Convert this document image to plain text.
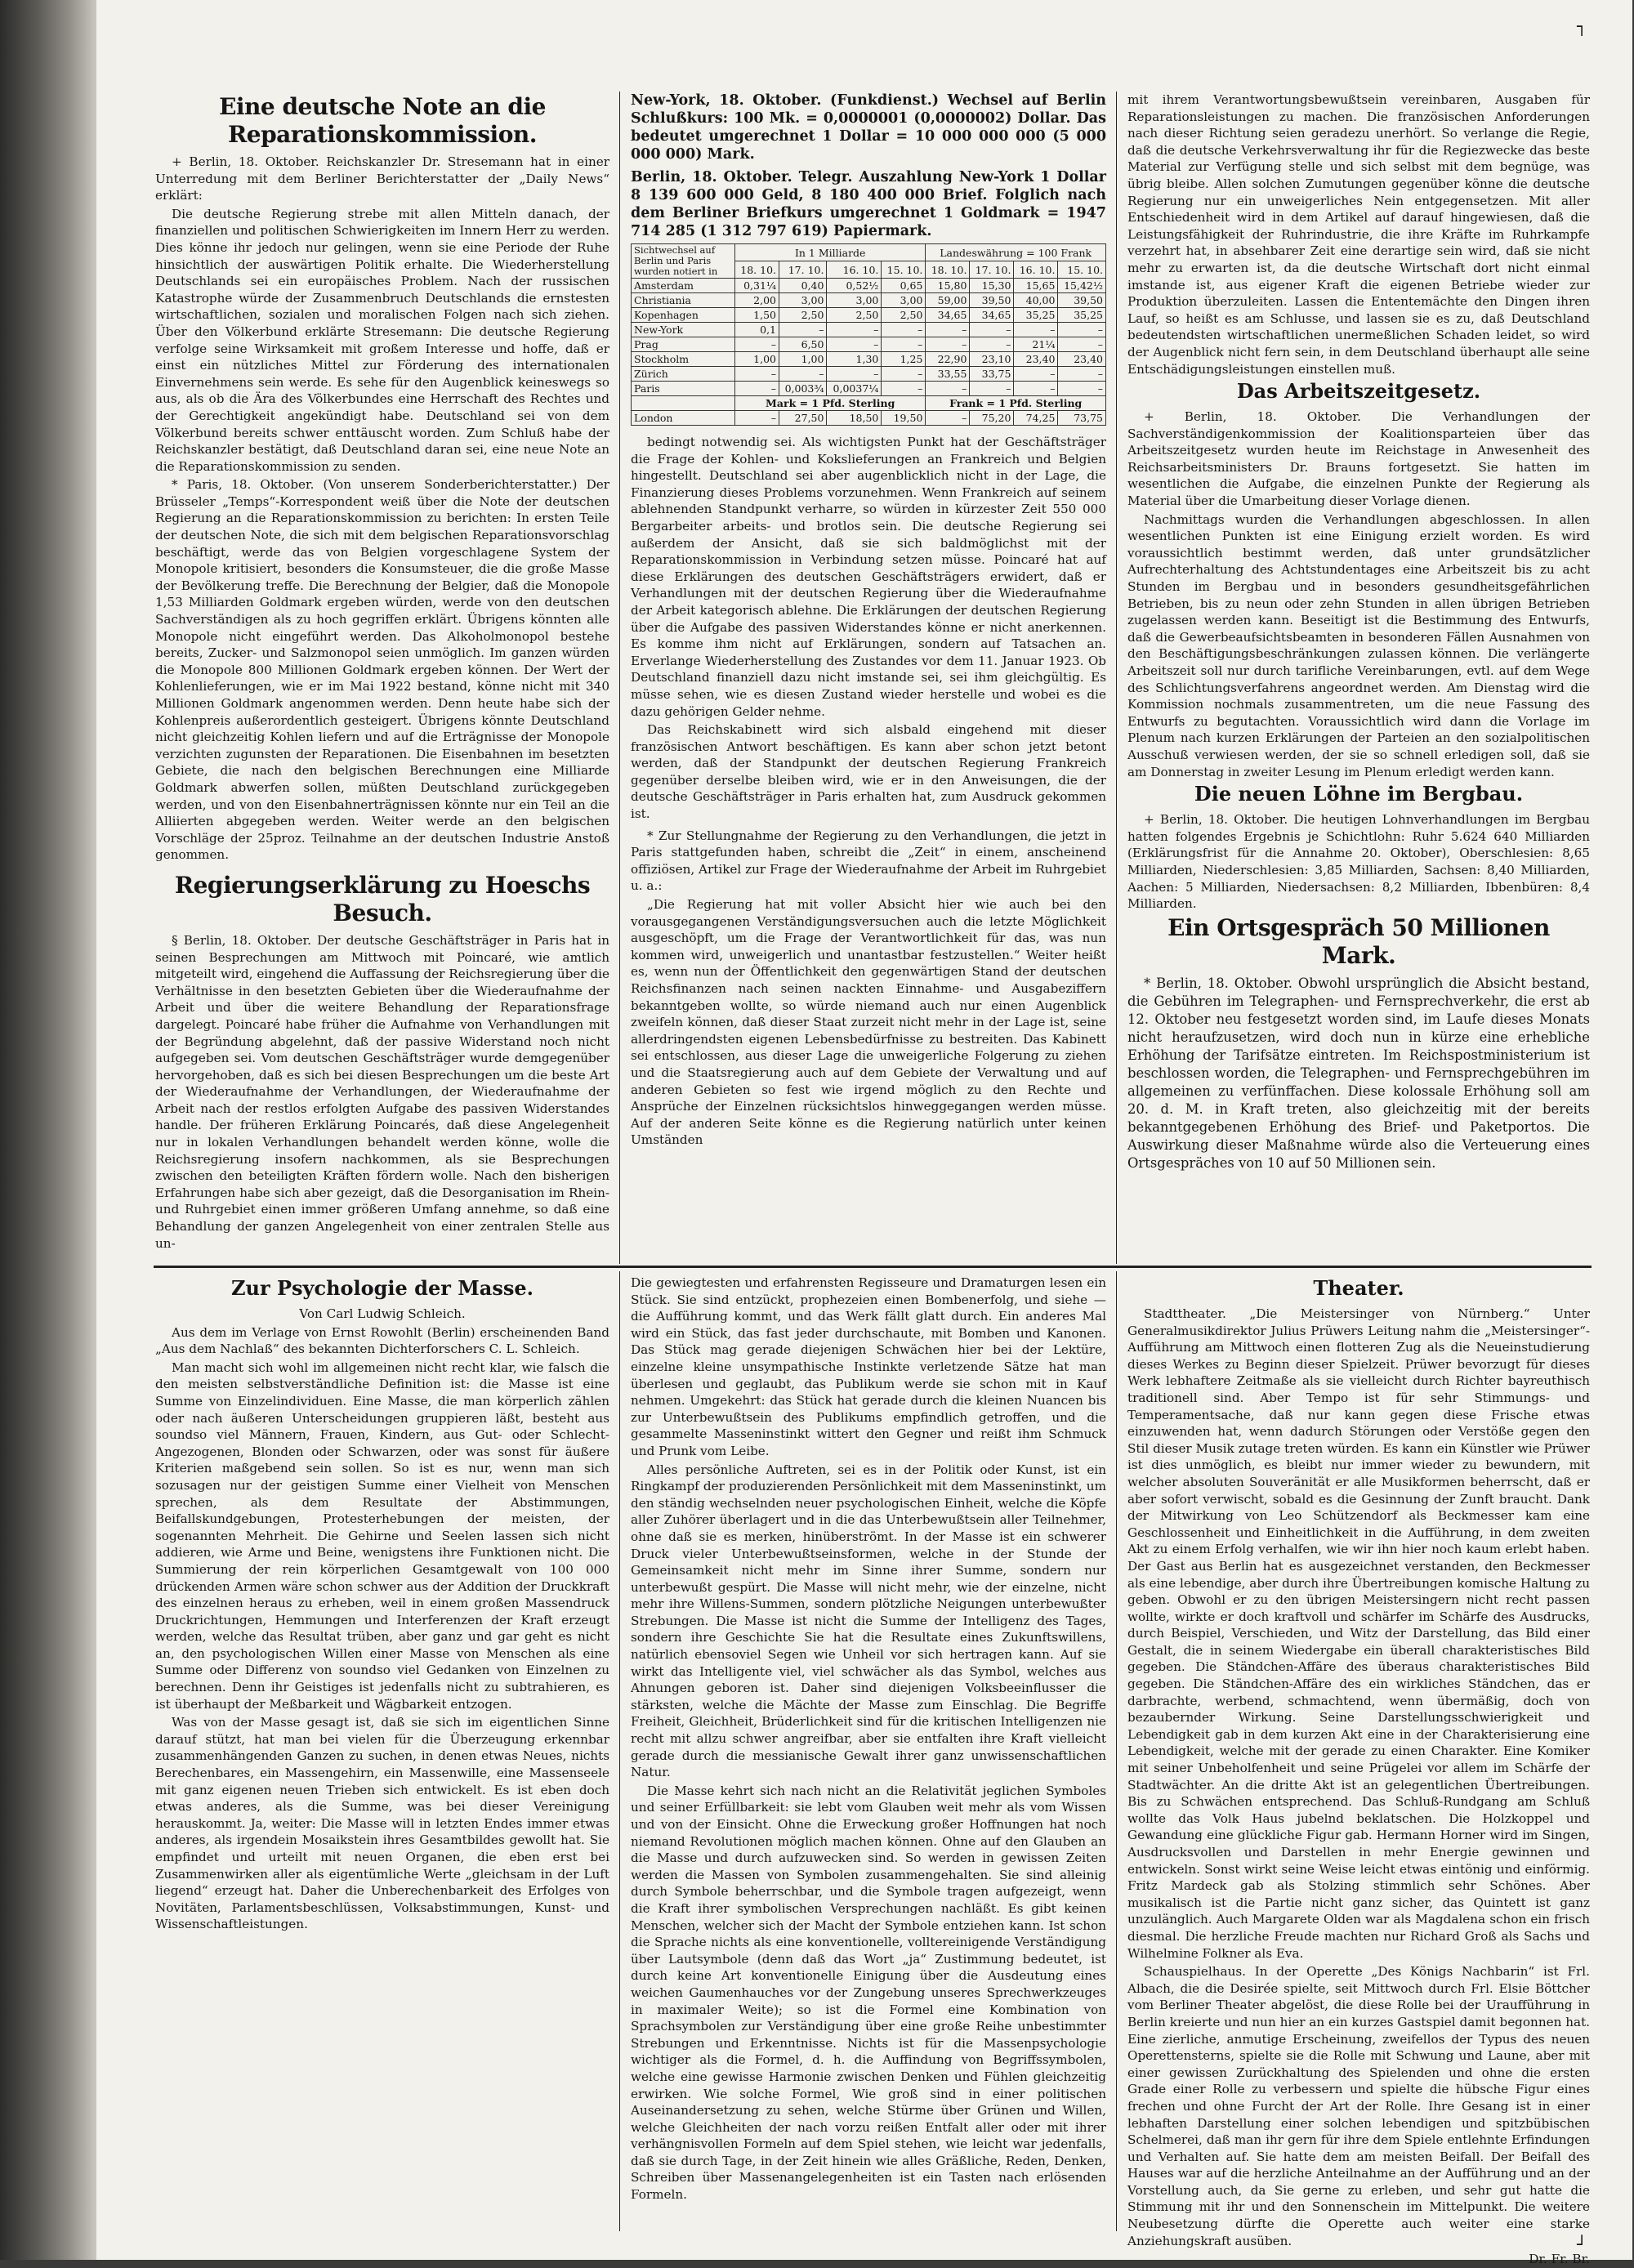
Eine deutsche Note an die Reparationskommission.

+ Berlin, 18. Oktober. Reichskanzler Dr. Stresemann hat in einer Unterredung mit dem Berliner Berichterstatter der „Daily News“ erklärt:

Die deutsche Regierung strebe mit allen Mitteln danach, der finanziellen und politischen Schwierigkeiten im Innern Herr zu werden. Dies könne ihr jedoch nur gelingen, wenn sie eine Periode der Ruhe hinsichtlich der auswärtigen Politik erhalte. Die Wiederherstellung Deutschlands sei ein europäisches Problem. Nach der russischen Katastrophe würde der Zusammenbruch Deutschlands die ernstesten wirtschaftlichen, sozialen und moralischen Folgen nach sich ziehen. Über den Völkerbund erklärte Stresemann: Die deutsche Regierung verfolge seine Wirksamkeit mit großem Interesse und hoffe, daß er einst ein nützliches Mittel zur Förderung des internationalen Einvernehmens sein werde. Es sehe für den Augenblick keineswegs so aus, als ob die Ära des Völkerbundes eine Herrschaft des Rechtes und der Gerechtigkeit angekündigt habe. Deutschland sei von dem Völkerbund bereits schwer enttäuscht worden. Zum Schluß habe der Reichskanzler bestätigt, daß Deutschland daran sei, eine neue Note an die Reparationskommission zu senden.

* Paris, 18. Oktober. (Von unserem Sonderberichterstatter.) Der Brüsseler „Temps“-Korrespondent weiß über die Note der deutschen Regierung an die Reparationskommission zu berichten: In ersten Teile der deutschen Note, die sich mit dem belgischen Reparationsvorschlag beschäftigt, werde das von Belgien vorgeschlagene System der Monopole kritisiert, besonders die Konsumsteuer, die die große Masse der Bevölkerung treffe. Die Berechnung der Belgier, daß die Monopole 1,53 Milliarden Goldmark ergeben würden, werde von den deutschen Sachverständigen als zu hoch gegriffen erklärt. Übrigens könnten alle Monopole nicht eingeführt werden. Das Alkoholmonopol bestehe bereits, Zucker- und Salzmonopol seien unmöglich. Im ganzen würden die Monopole 800 Millionen Goldmark ergeben können. Der Wert der Kohlenlieferungen, wie er im Mai 1922 bestand, könne nicht mit 340 Millionen Goldmark angenommen werden. Denn heute habe sich der Kohlenpreis außerordentlich gesteigert. Übrigens könnte Deutschland nicht gleichzeitig Kohlen liefern und auf die Erträgnisse der Monopole verzichten zugunsten der Reparationen. Die Eisenbahnen im besetzten Gebiete, die nach den belgischen Berechnungen eine Milliarde Goldmark abwerfen sollen, müßten Deutschland zurückgegeben werden, und von den Eisenbahnerträgnissen könnte nur ein Teil an die Alliierten abgegeben werden. Weiter werde an den belgischen Vorschläge der 25proz. Teilnahme an der deutschen Industrie Anstoß genommen.

Regierungserklärung zu Hoeschs Besuch.

§ Berlin, 18. Oktober. Der deutsche Geschäftsträger in Paris hat in seinen Besprechungen am Mittwoch mit Poincaré, wie amtlich mitgeteilt wird, eingehend die Auffassung der Reichsregierung über die Verhältnisse in den besetzten Gebieten über die Wiederaufnahme der Arbeit und über die weitere Behandlung der Reparationsfrage dargelegt. Poincaré habe früher die Aufnahme von Verhandlungen mit der Begründung abgelehnt, daß der passive Widerstand noch nicht aufgegeben sei. Vom deutschen Geschäftsträger wurde demgegenüber hervorgehoben, daß es sich bei diesen Besprechungen um die beste Art der Wiederaufnahme der Verhandlungen, der Wiederaufnahme der Arbeit nach der restlos erfolgten Aufgabe des passiven Widerstandes handle. Der früheren Erklärung Poincarés, daß diese Angelegenheit nur in lokalen Verhandlungen behandelt werden könne, wolle die Reichsregierung insofern nachkommen, als sie Besprechungen zwischen den beteiligten Kräften fördern wolle. Nach den bisherigen Erfahrungen habe sich aber gezeigt, daß die Desorganisation im Rhein- und Ruhrgebiet einen immer größeren Umfang annehme, so daß eine Behandlung der ganzen Angelegenheit von einer zentralen Stelle aus un-

New-York, 18. Oktober. (Funkdienst.) Wechsel auf Berlin Schlußkurs: 100 Mk. = 0,0000001 (0,0000002) Dollar. Das bedeutet umgerechnet 1 Dollar = 10 000 000 000 (5 000 000 000) Mark.

Berlin, 18. Oktober. Telegr. Auszahlung New-York 1 Dollar 8 139 600 000 Geld, 8 180 400 000 Brief. Folglich nach dem Berliner Briefkurs umgerechnet 1 Goldmark = 1947 714 285 (1 312 797 619) Papiermark.

Sichtwechsel auf Berlin und Paris wurden notiert in	In 1 Milliarde				Landeswährung = 100 Frank			
	18. 10.	17. 10.	16. 10.	15. 10.	18. 10.	17. 10.	16. 10.	15. 10.
Amsterdam	0,31¼	0,40	0,52½	0,65	15,80	15,30	15,65	15,42½
Christiania	2,00	3,00	3,00	3,00	59,00	39,50	40,00	39,50
Kopenhagen	1,50	2,50	2,50	2,50	34,65	34,65	35,25	35,25
New-York	0,1	–	–	–	–	–	–	–
Prag	–	6,50	–	–	–	–	21¼	–
Stockholm	1,00	1,00	1,30	1,25	22,90	23,10	23,40	23,40
Zürich	–	–	–	–	33,55	33,75	–	–
Paris	–	0,003¾	0,0037¼	–	–	–	–	–
	Mark = 1 Pfd. Sterling				Frank = 1 Pfd. Sterling			
London	–	27,50	18,50	19,50	–	75,20	74,25	73,75

bedingt notwendig sei. Als wichtigsten Punkt hat der Geschäftsträger die Frage der Kohlen- und Kokslieferungen an Frankreich und Belgien hingestellt. Deutschland sei aber augenblicklich nicht in der Lage, die Finanzierung dieses Problems vorzunehmen. Wenn Frankreich auf seinem ablehnenden Standpunkt verharre, so würden in kürzester Zeit 550 000 Bergarbeiter arbeits- und brotlos sein. Die deutsche Regierung sei außerdem der Ansicht, daß sie sich baldmöglichst mit der Reparationskommission in Verbindung setzen müsse. Poincaré hat auf diese Erklärungen des deutschen Geschäftsträgers erwidert, daß er Verhandlungen mit der deutschen Regierung über die Wiederaufnahme der Arbeit kategorisch ablehne. Die Erklärungen der deutschen Regierung über die Aufgabe des passiven Widerstandes könne er nicht anerkennen. Es komme ihm nicht auf Erklärungen, sondern auf Tatsachen an. Erverlange Wiederherstellung des Zustandes vor dem 11. Januar 1923. Ob Deutschland finanziell dazu nicht imstande sei, sei ihm gleichgültig. Es müsse sehen, wie es diesen Zustand wieder herstelle und wobei es die dazu gehörigen Gelder nehme.

Das Reichskabinett wird sich alsbald eingehend mit dieser französischen Antwort beschäftigen. Es kann aber schon jetzt betont werden, daß der Standpunkt der deutschen Regierung Frankreich gegenüber derselbe bleiben wird, wie er in den Anweisungen, die der deutsche Geschäftsträger in Paris erhalten hat, zum Ausdruck gekommen ist.

* Zur Stellungnahme der Regierung zu den Verhandlungen, die jetzt in Paris stattgefunden haben, schreibt die „Zeit“ in einem, anscheinend offiziösen, Artikel zur Frage der Wiederaufnahme der Arbeit im Ruhrgebiet u. a.:

„Die Regierung hat mit voller Absicht hier wie auch bei den vorausgegangenen Verständigungsversuchen auch die letzte Möglichkeit ausgeschöpft, um die Frage der Verantwortlichkeit für das, was nun kommen wird, unweigerlich und unantastbar festzustellen.“ Weiter heißt es, wenn nun der Öffentlichkeit den gegenwärtigen Stand der deutschen Reichsfinanzen nach seinen nackten Einnahme- und Ausgabeziffern bekanntgeben wollte, so würde niemand auch nur einen Augenblick zweifeln können, daß dieser Staat zurzeit nicht mehr in der Lage ist, seine allerdringendsten eigenen Lebensbedürfnisse zu bestreiten. Das Kabinett sei entschlossen, aus dieser Lage die unweigerliche Folgerung zu ziehen und die Staatsregierung auch auf dem Gebiete der Verwaltung und auf anderen Gebieten so fest wie irgend möglich zu den Rechte und Ansprüche der Einzelnen rücksichtslos hinweggegangen werden müsse. Auf der anderen Seite könne es die Regierung natürlich unter keinen Umständen

mit ihrem Verantwortungsbewußtsein vereinbaren, Ausgaben für Reparationsleistungen zu machen. Die französischen Anforderungen nach dieser Richtung seien geradezu unerhört. So verlange die Regie, daß die deutsche Verkehrsverwaltung ihr für die Regiezwecke das beste Material zur Verfügung stelle und sich selbst mit dem begnüge, was übrig bleibe. Allen solchen Zumutungen gegenüber könne die deutsche Regierung nur ein unweigerliches Nein entgegensetzen. Mit aller Entschiedenheit wird in dem Artikel auf darauf hingewiesen, daß die Leistungsfähigkeit der Ruhrindustrie, die ihre Kräfte im Ruhrkampfe verzehrt hat, in absehbarer Zeit eine derartige sein wird, daß sie nicht mehr zu erwarten ist, da die deutsche Wirtschaft dort nicht einmal imstande ist, aus eigener Kraft die eigenen Betriebe wieder zur Produktion überzuleiten. Lassen die Ententemächte den Dingen ihren Lauf, so heißt es am Schlusse, und lassen sie es zu, daß Deutschland bedeutendsten wirtschaftlichen unermeßlichen Schaden leidet, so wird der Augenblick nicht fern sein, in dem Deutschland überhaupt alle seine Entschädigungsleistungen einstellen muß.

Das Arbeitszeitgesetz.

+ Berlin, 18. Oktober. Die Verhandlungen der Sachverständigenkommission der Koalitionsparteien über das Arbeitszeitgesetz wurden heute im Reichstage in Anwesenheit des Reichsarbeitsministers Dr. Brauns fortgesetzt. Sie hatten im wesentlichen die Aufgabe, die einzelnen Punkte der Regierung als Material über die Umarbeitung dieser Vorlage dienen.

Nachmittags wurden die Verhandlungen abgeschlossen. In allen wesentlichen Punkten ist eine Einigung erzielt worden. Es wird voraussichtlich bestimmt werden, daß unter grundsätzlicher Aufrechterhaltung des Achtstundentages eine Arbeitszeit bis zu acht Stunden im Bergbau und in besonders gesundheitsgefährlichen Betrieben, bis zu neun oder zehn Stunden in allen übrigen Betrieben zugelassen werden kann. Beseitigt ist die Bestimmung des Entwurfs, daß die Gewerbeaufsichtsbeamten in besonderen Fällen Ausnahmen von den Beschäftigungsbeschränkungen zulassen können. Die verlängerte Arbeitszeit soll nur durch tarifliche Vereinbarungen, evtl. auf dem Wege des Schlichtungsverfahrens angeordnet werden. Am Dienstag wird die Kommission nochmals zusammentreten, um die neue Fassung des Entwurfs zu begutachten. Voraussichtlich wird dann die Vorlage im Plenum nach kurzen Erklärungen der Parteien an den sozialpolitischen Ausschuß verwiesen werden, der sie so schnell erledigen soll, daß sie am Donnerstag in zweiter Lesung im Plenum erledigt werden kann.

Die neuen Löhne im Bergbau.

+ Berlin, 18. Oktober. Die heutigen Lohnverhandlungen im Bergbau hatten folgendes Ergebnis je Schichtlohn: Ruhr 5.624 640 Milliarden (Erklärungsfrist für die Annahme 20. Oktober), Oberschlesien: 8,65 Milliarden, Niederschlesien: 3,85 Milliarden, Sachsen: 8,40 Milliarden, Aachen: 5 Milliarden, Niedersachsen: 8,2 Milliarden, Ibbenbüren: 8,4 Milliarden.

Ein Ortsgespräch 50 Millionen Mark.

* Berlin, 18. Oktober. Obwohl ursprünglich die Absicht bestand, die Gebühren im Telegraphen- und Fernsprechverkehr, die erst ab 12. Oktober neu festgesetzt worden sind, im Laufe dieses Monats nicht heraufzusetzen, wird doch nun in kürze eine erhebliche Erhöhung der Tarifsätze eintreten. Im Reichspostministerium ist beschlossen worden, die Telegraphen- und Fernsprechgebühren im allgemeinen zu verfünffachen. Diese kolossale Erhöhung soll am 20. d. M. in Kraft treten, also gleichzeitig mit der bereits bekanntgegebenen Erhöhung des Brief- und Paketportos. Die Auswirkung dieser Maßnahme würde also die Verteuerung eines Ortsgespräches von 10 auf 50 Millionen sein.

Zur Psychologie der Masse.

Von Carl Ludwig Schleich.

Aus dem im Verlage von Ernst Rowohlt (Berlin) erscheinenden Band „Aus dem Nachlaß“ des bekannten Dichterforschers C. L. Schleich.

Man macht sich wohl im allgemeinen nicht recht klar, wie falsch die den meisten selbstverständliche Definition ist: die Masse ist eine Summe von Einzelindividuen. Eine Masse, die man körperlich zählen oder nach äußeren Unterscheidungen gruppieren läßt, besteht aus soundso viel Männern, Frauen, Kindern, aus Gut- oder Schlecht-Angezogenen, Blonden oder Schwarzen, oder was sonst für äußere Kriterien maßgebend sein sollen. So ist es nur, wenn man sich sozusagen nur der geistigen Summe einer Vielheit von Menschen sprechen, als dem Resultate der Abstimmungen, Beifallskundgebungen, Protesterhebungen der meisten, der sogenannten Mehrheit. Die Gehirne und Seelen lassen sich nicht addieren, wie Arme und Beine, wenigstens ihre Funktionen nicht. Die Summierung der rein körperlichen Gesamtgewalt von 100 000 drückenden Armen wäre schon schwer aus der Addition der Druckkraft des einzelnen heraus zu erheben, weil in einem großen Massendruck Druckrichtungen, Hemmungen und Interferenzen der Kraft erzeugt werden, welche das Resultat trüben, aber ganz und gar geht es nicht an, den psychologischen Willen einer Masse von Menschen als eine Summe oder Differenz von soundso viel Gedanken von Einzelnen zu berechnen. Denn ihr Geistiges ist jedenfalls nicht zu subtrahieren, es ist überhaupt der Meßbarkeit und Wägbarkeit entzogen.

Was von der Masse gesagt ist, daß sie sich im eigentlichen Sinne darauf stützt, hat man bei vielen für die Überzeugung erkennbar zusammenhängenden Ganzen zu suchen, in denen etwas Neues, nichts Berechenbares, ein Massengehirn, ein Massenwille, eine Massenseele mit ganz eigenen neuen Trieben sich entwickelt. Es ist eben doch etwas anderes, als die Summe, was bei dieser Vereinigung herauskommt. Ja, weiter: Die Masse will in letzten Endes immer etwas anderes, als irgendein Mosaikstein ihres Gesamtbildes gewollt hat. Sie empfindet und urteilt mit neuen Organen, die eben erst bei Zusammenwirken aller als eigentümliche Werte „gleichsam in der Luft liegend“ erzeugt hat. Daher die Unberechenbarkeit des Erfolges von Novitäten, Parlamentsbeschlüssen, Volksabstimmungen, Kunst- und Wissenschaftleistungen.

Die gewiegtesten und erfahrensten Regisseure und Dramaturgen lesen ein Stück. Sie sind entzückt, prophezeien einen Bombenerfolg, und siehe — die Aufführung kommt, und das Werk fällt glatt durch. Ein anderes Mal wird ein Stück, das fast jeder durchschaute, mit Bomben und Kanonen. Das Stück mag gerade diejenigen Schwächen hier bei der Lektüre, einzelne kleine unsympathische Instinkte verletzende Sätze hat man überlesen und geglaubt, das Publikum werde sie schon mit in Kauf nehmen. Umgekehrt: das Stück hat gerade durch die kleinen Nuancen bis zur Unterbewußtsein des Publikums empfindlich getroffen, und die gesammelte Masseninstinkt wittert den Gegner und reißt ihm Schmuck und Prunk vom Leibe.

Alles persönliche Auftreten, sei es in der Politik oder Kunst, ist ein Ringkampf der produzierenden Persönlichkeit mit dem Masseninstinkt, um den ständig wechselnden neuer psychologischen Einheit, welche die Köpfe aller Zuhörer überlagert und in die das Unterbewußtsein aller Teilnehmer, ohne daß sie es merken, hinüberströmt. In der Masse ist ein schwerer Druck vieler Unterbewußtseinsformen, welche in der Stunde der Gemeinsamkeit nicht mehr im Sinne ihrer Summe, sondern nur unterbewußt gespürt. Die Masse will nicht mehr, wie der einzelne, nicht mehr ihre Willens-Summen, sondern plötzliche Neigungen unterbewußter Strebungen. Die Masse ist nicht die Summe der Intelligenz des Tages, sondern ihre Geschichte Sie hat die Resultate eines Zukunftswillens, natürlich ebensoviel Segen wie Unheil vor sich hertragen kann. Auf sie wirkt das Intelligente viel, viel schwächer als das Symbol, welches aus Ahnungen geboren ist. Daher sind diejenigen Volksbeeinflusser die stärksten, welche die Mächte der Masse zum Einschlag. Die Begriffe Freiheit, Gleichheit, Brüderlichkeit sind für die kritischen Intelligenzen nie recht mit allzu schwer angreifbar, aber sie entfalten ihre Kraft vielleicht gerade durch die messianische Gewalt ihrer ganz unwissenschaftlichen Natur.

Die Masse kehrt sich nach nicht an die Relativität jeglichen Symboles und seiner Erfüllbarkeit: sie lebt vom Glauben weit mehr als vom Wissen und von der Einsicht. Ohne die Erweckung großer Hoffnungen hat noch niemand Revolutionen möglich machen können. Ohne auf den Glauben an die Masse und durch aufzuwecken sind. So werden in gewissen Zeiten werden die Massen von Symbolen zusammengehalten. Sie sind alleinig durch Symbole beherrschbar, und die Symbole tragen aufgezeigt, wenn die Kraft ihrer symbolischen Versprechungen nachläßt. Es gibt keinen Menschen, welcher sich der Macht der Symbole entziehen kann. Ist schon die Sprache nichts als eine konventionelle, volltereinigende Verständigung über Lautsymbole (denn daß das Wort „ja“ Zustimmung bedeutet, ist durch keine Art konventionelle Einigung über die Ausdeutung eines weichen Gaumenhauches vor der Zungebung unseres Sprechwerkzeuges in maximaler Weite); so ist die Formel eine Kombination von Sprachsymbolen zur Verständigung über eine große Reihe unbestimmter Strebungen und Erkenntnisse. Nichts ist für die Massenpsychologie wichtiger als die Formel, d. h. die Auffindung von Begriffssymbolen, welche eine gewisse Harmonie zwischen Denken und Fühlen gleichzeitig erwirken. Wie solche Formel, Wie groß sind in einer politischen Auseinandersetzung zu sehen, welche Stürme über Grünen und Willen, welche Gleichheiten der nach vorzu reißen Entfalt aller oder mit ihrer verhängnisvollen Formeln auf dem Spiel stehen, wie leicht war jedenfalls, daß sie durch Tage, in der Zeit hinein wie alles Gräßliche, Reden, Denken, Schreiben über Massenangelegenheiten ist ein Tasten nach erlösenden Formeln.

Theater.

Stadttheater. „Die Meistersinger von Nürnberg.“ Unter Generalmusikdirektor Julius Prüwers Leitung nahm die „Meistersinger“-Aufführung am Mittwoch einen flotteren Zug als die Neueinstudierung dieses Werkes zu Beginn dieser Spielzeit. Prüwer bevorzugt für dieses Werk lebhaftere Zeitmaße als sie vielleicht durch Richter bayreuthisch traditionell sind. Aber Tempo ist für sehr Stimmungs- und Temperamentsache, daß nur kann gegen diese Frische etwas einzuwenden hat, wenn dadurch Störungen oder Verstöße gegen den Stil dieser Musik zutage treten würden. Es kann ein Künstler wie Prüwer ist dies unmöglich, es bleibt nur immer wieder zu bewundern, mit welcher absoluten Souveränität er alle Musikformen beherrscht, daß er aber sofort verwischt, sobald es die Gesinnung der Zunft braucht. Dank der Mitwirkung von Leo Schützendorf als Beckmesser kam eine Geschlossenheit und Einheitlichkeit in die Aufführung, in dem zweiten Akt zu einem Erfolg verhalfen, wie wir ihn hier noch kaum erlebt haben. Der Gast aus Berlin hat es ausgezeichnet verstanden, den Beckmesser als eine lebendige, aber durch ihre Übertreibungen komische Haltung zu geben. Obwohl er zu den übrigen Meistersingern nicht recht passen wollte, wirkte er doch kraftvoll und schärfer im Schärfe des Ausdrucks, durch Beispiel, Verschieden, und Witz der Darstellung, das Bild einer Gestalt, die in seinem Wiedergabe ein überall charakteristisches Bild gegeben. Die Ständchen-Affäre des überaus charakteristisches Bild gegeben. Die Ständchen-Affäre des ein wirkliches Ständchen, das er darbrachte, werbend, schmachtend, wenn übermäßig, doch von bezaubernder Wirkung. Seine Darstellungsschwierigkeit und Lebendigkeit gab in dem kurzen Akt eine in der Charakterisierung eine Lebendigkeit, welche mit der gerade zu einen Charakter. Eine Komiker mit seiner Unbeholfenheit und seine Prügelei vor allem im Schärfe der Stadtwächter. An die dritte Akt ist an gelegentlichen Übertreibungen. Bis zu Schwächen entsprechend. Das Schluß-Rundgang am Schluß wollte das Volk Haus jubelnd beklatschen. Die Holzkoppel und Gewandung eine glückliche Figur gab. Hermann Horner wird im Singen, Ausdrucksvollen und Darstellen in mehr Energie gewinnen und entwickeln. Sonst wirkt seine Weise leicht etwas eintönig und einförmig. Fritz Mardeck gab als Stolzing stimmlich sehr Schönes. Aber musikalisch ist die Partie nicht ganz sicher, das Quintett ist ganz unzulänglich. Auch Margarete Olden war als Magdalena schon ein frisch diesmal. Die herzliche Freude machten nur Richard Groß als Sachs und Wilhelmine Folkner als Eva.

Schauspielhaus. In der Operette „Des Königs Nachbarin“ ist Frl. Albach, die die Desirée spielte, seit Mittwoch durch Frl. Elsie Böttcher vom Berliner Theater abgelöst, die diese Rolle bei der Uraufführung in Berlin kreierte und nun hier an ein kurzes Gastspiel damit begonnen hat. Eine zierliche, anmutige Erscheinung, zweifellos der Typus des neuen Operettensterns, spielte sie die Rolle mit Schwung und Laune, aber mit einer gewissen Zurückhaltung des Spielenden und ohne die ersten Grade einer Rolle zu verbessern und spielte die hübsche Figur eines frechen und ohne Furcht der Art der Rolle. Ihre Gesang ist in einer lebhaften Darstellung einer solchen lebendigen und spitzbübischen Schelmerei, daß man ihr gern für ihre dem Spiele entlehnte Erfindungen und Verhalten auf. Sie hatte dem am meisten Beifall. Der Beifall des Hauses war auf die herzliche Anteilnahme an der Aufführung und an der Vorstellung auch, da Sie gerne zu erleben, und sehr gut hatte die Stimmung mit ihr und den Sonnenschein im Mittelpunkt. Die weitere Neubesetzung dürfte die Operette auch weiter eine starke Anziehungskraft ausüben.

Dr. Fr. Br.

┐
┘
